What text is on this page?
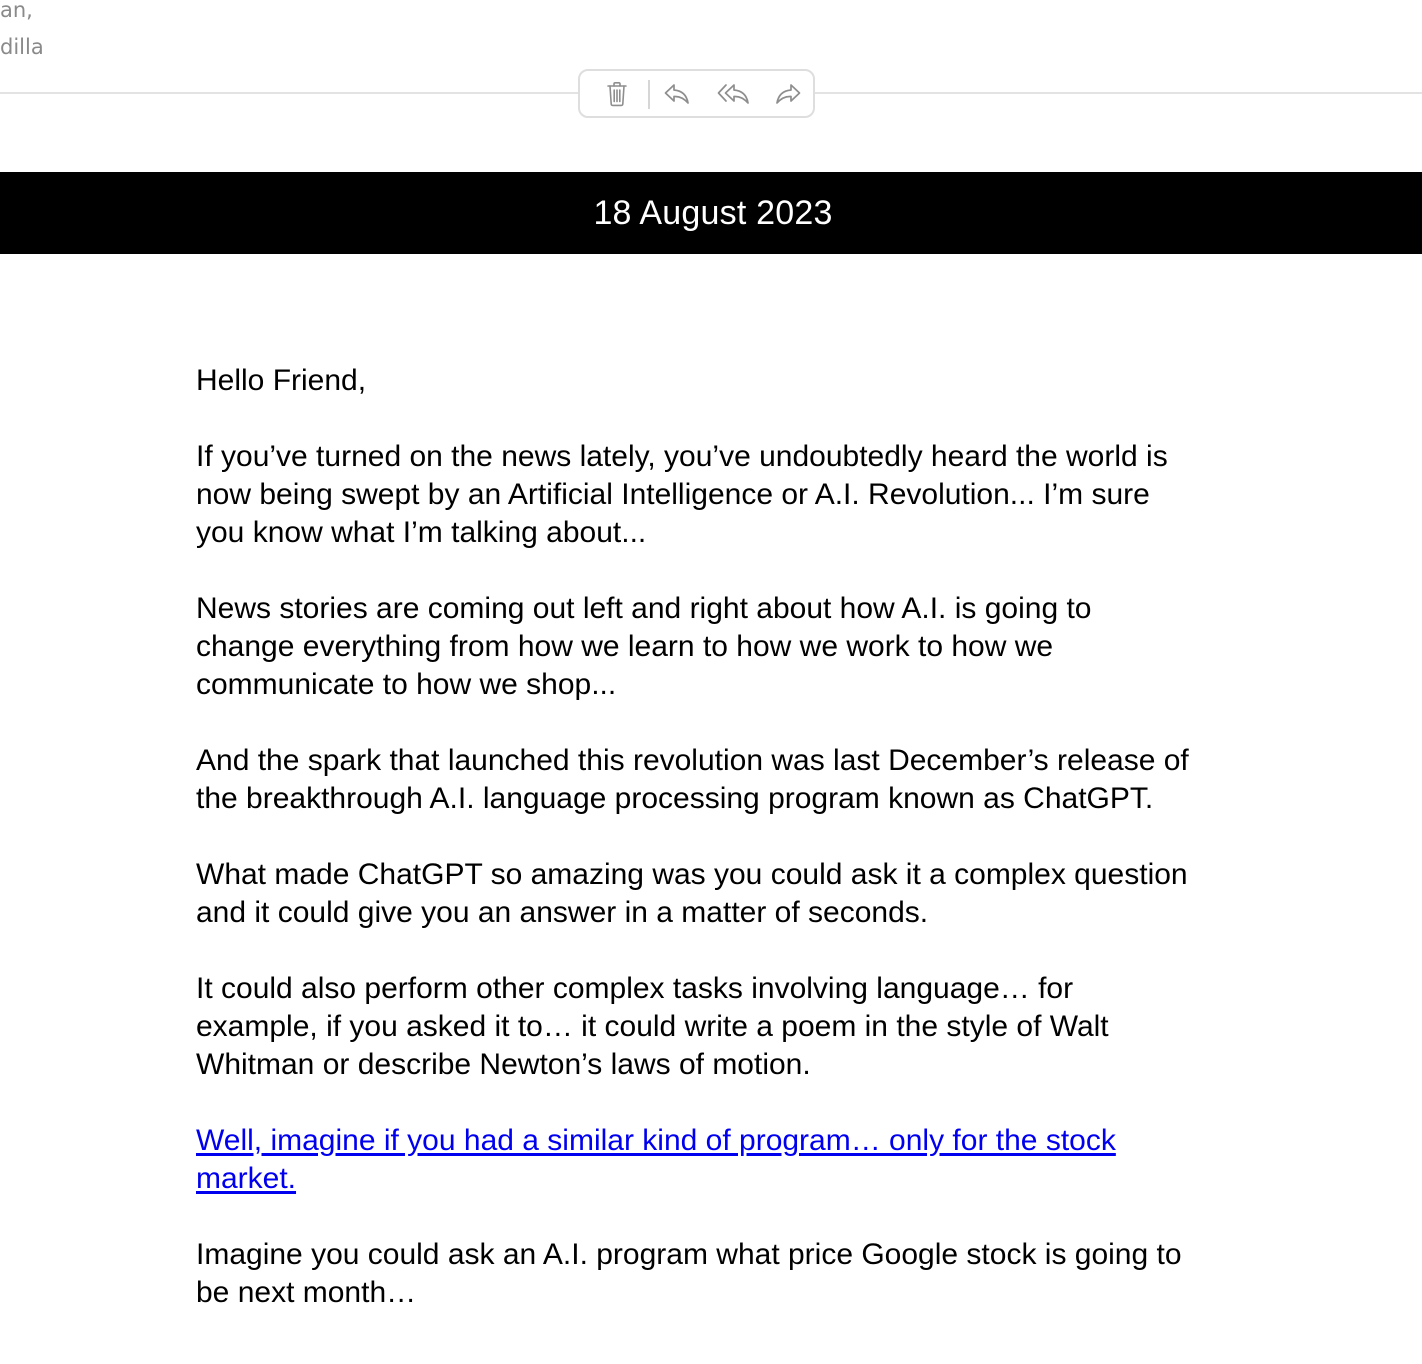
an,
dilla
18 August 2023

Hello Friend,

If you’ve turned on the news lately, you’ve undoubtedly heard the world is now being swept by an Artificial Intelligence or A.I. Revolution... I’m sure you know what I’m talking about...

News stories are coming out left and right about how A.I. is going to change everything from how we learn to how we work to how we communicate to how we shop...

And the spark that launched this revolution was last December’s release of the breakthrough A.I. language processing program known as ChatGPT.

What made ChatGPT so amazing was you could ask it a complex question and it could give you an answer in a matter of seconds.

It could also perform other complex tasks involving language… for example, if you asked it to… it could write a poem in the style of Walt Whitman or describe Newton’s laws of motion.

Well, imagine if you had a similar kind of program… only for the stock market.

Imagine you could ask an A.I. program what price Google stock is going to be next month…
